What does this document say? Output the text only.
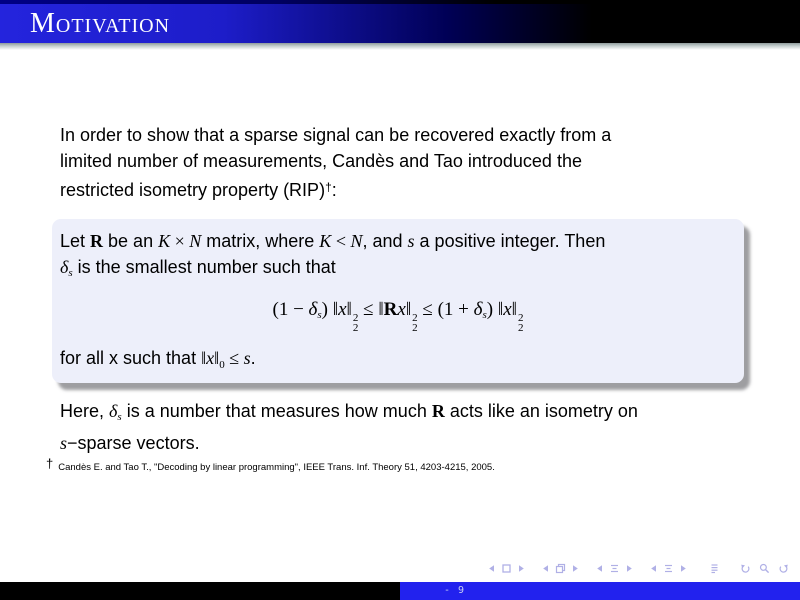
Motivation
In order to show that a sparse signal can be recovered exactly from a
limited number of measurements, Candès and Tao introduced the
restricted isometry property (RIP)†:
Let R be an K × N matrix, where K < N, and s a positive integer. Then
$\delta_s$ is the smallest number such that
$(1 - \delta_s)$ ‖x‖ 2
2
≤ ‖Rx‖ 2
2
≤ $(1 + \delta_s)$ ‖x‖ 2
2
for all x such that $‖x‖_0 \le s$.
Here, $\delta_s$ is a number that measures how much R acts like an isometry on
s−sparse vectors.
† Candès E. and Tao T., "Decoding by linear programming", IEEE Trans. Inf. Theory 51, 4203-4215, 2005.
- 9
